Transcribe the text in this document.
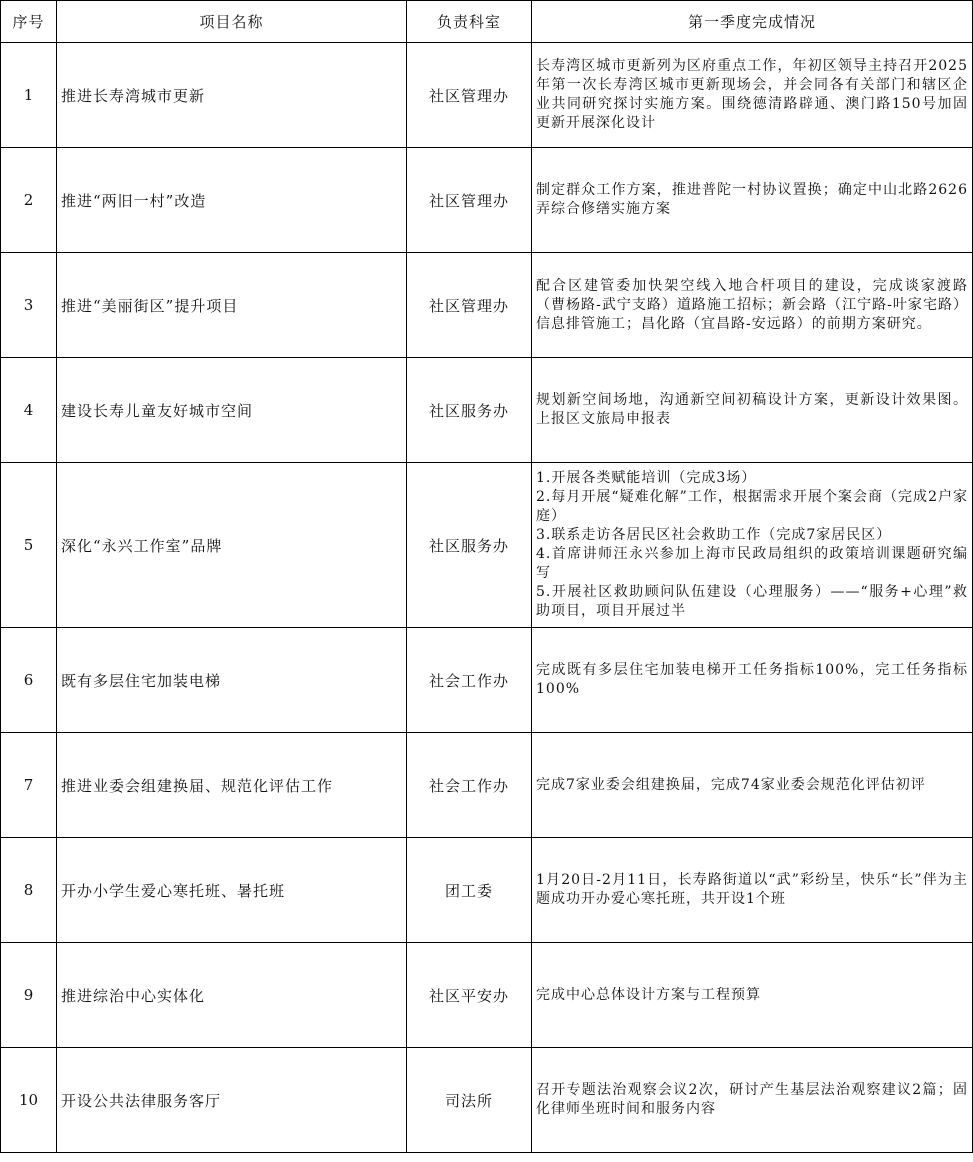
序号	项目名称	负责科室	第一季度完成情况
1	推进长寿湾城市更新	社区管理办	长寿湾区城市更新列为区府重点工作，年初区领导主持召开2025年第一次长寿湾区城市更新现场会，并会同各有关部门和辖区企业共同研究探讨实施方案。围绕德清路辟通、澳门路150号加固更新开展深化设计
2	推进“两旧一村”改造	社区管理办	制定群众工作方案，推进普陀一村协议置换；确定中山北路2626弄综合修缮实施方案
3	推进“美丽街区”提升项目	社区管理办	配合区建管委加快架空线入地合杆项目的建设，完成谈家渡路（曹杨路-武宁支路）道路施工招标；新会路（江宁路-叶家宅路）信息排管施工；昌化路（宜昌路-安远路）的前期方案研究。
4	建设长寿儿童友好城市空间	社区服务办	规划新空间场地，沟通新空间初稿设计方案，更新设计效果图。上报区文旅局申报表
5	深化“永兴工作室”品牌	社区服务办	1.开展各类赋能培训（完成3场）
2.每月开展“疑难化解”工作，根据需求开展个案会商（完成2户家庭）
3.联系走访各居民区社会救助工作（完成7家居民区）
4.首席讲师汪永兴参加上海市民政局组织的政策培训课题研究编写
5.开展社区救助顾问队伍建设（心理服务）——“服务+心理”救助项目，项目开展过半
6	既有多层住宅加装电梯	社会工作办	完成既有多层住宅加装电梯开工任务指标100%，完工任务指标100%
7	推进业委会组建换届、规范化评估工作	社会工作办	完成7家业委会组建换届，完成74家业委会规范化评估初评
8	开办小学生爱心寒托班、暑托班	团工委	1月20日-2月11日，长寿路街道以“武”彩纷呈，快乐“长”伴为主题成功开办爱心寒托班，共开设1个班
9	推进综治中心实体化	社区平安办	完成中心总体设计方案与工程预算
10	开设公共法律服务客厅	司法所	召开专题法治观察会议2次，研讨产生基层法治观察建议2篇；固化律师坐班时间和服务内容
